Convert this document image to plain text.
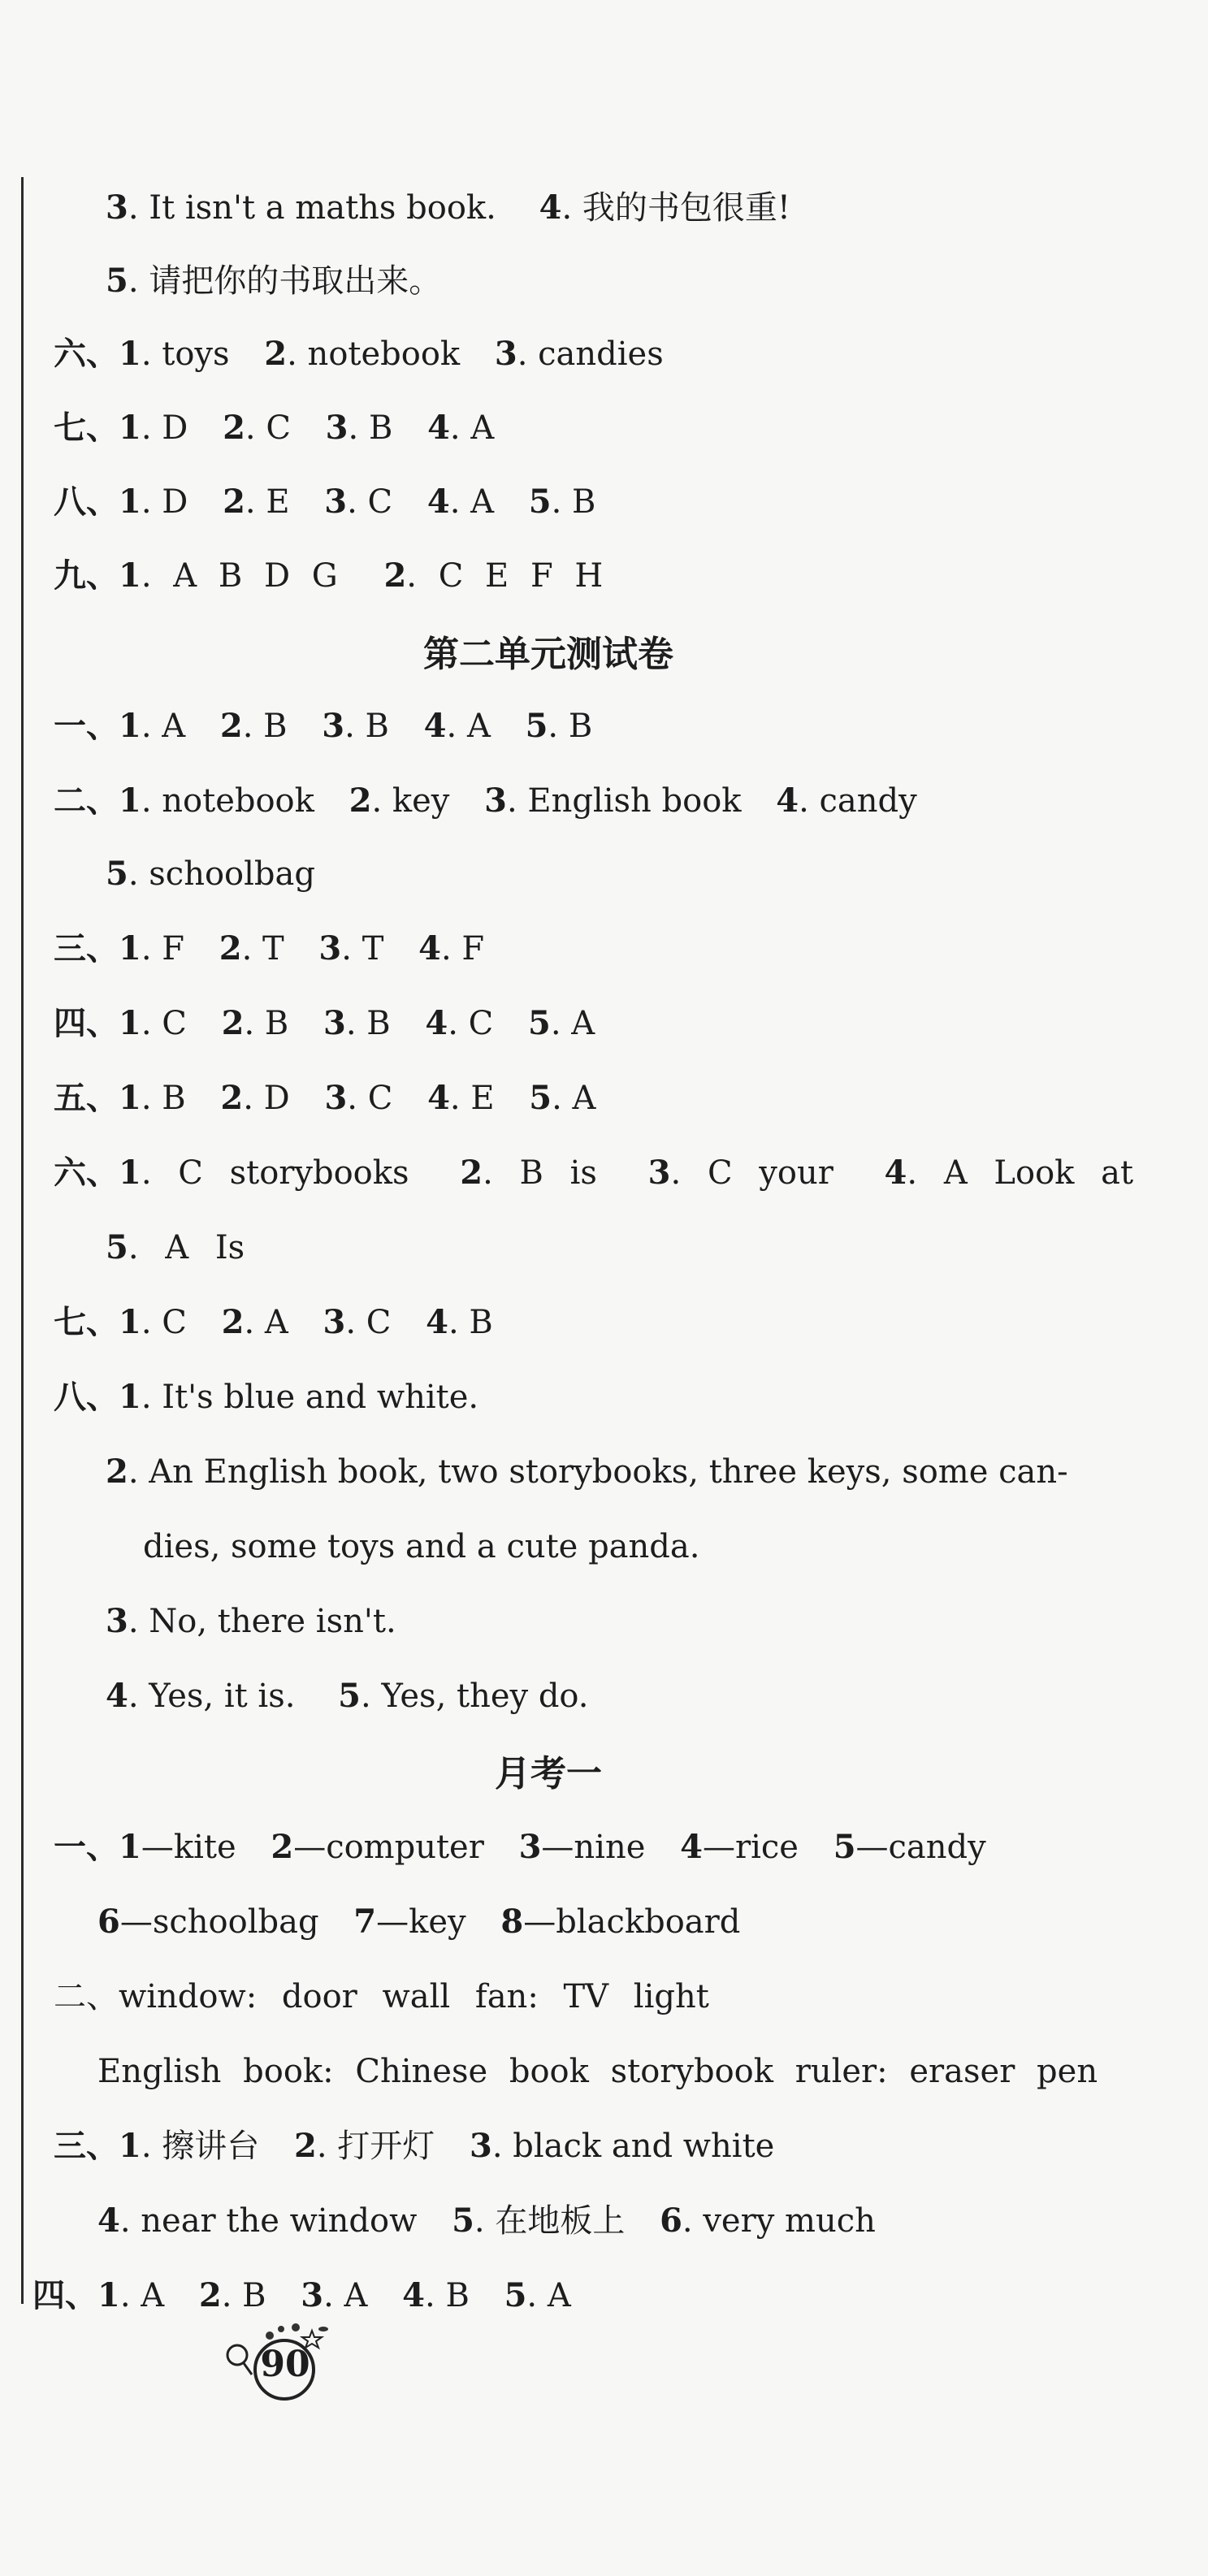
3. It isn't a maths book. 4. 我的书包很重!
5. 请把你的书取出来。
六、1. toys 2. notebook 3. candies
七、1. D 2. C 3. B 4. A
八、1. D 2. E 3. C 4. A 5. B
九、1. A B D G 2. C E F H
第二单元测试卷
一、1. A 2. B 3. B 4. A 5. B
二、1. notebook 2. key 3. English book 4. candy
5. schoolbag
三、1. F 2. T 3. T 4. F
四、1. C 2. B 3. B 4. C 5. A
五、1. B 2. D 3. C 4. E 5. A
六、1. C storybooks 2. B is 3. C your 4. A Look at
5. A Is
七、1. C 2. A 3. C 4. B
八、1. It's blue and white.
2. An English book, two storybooks, three keys, some can-
dies, some toys and a cute panda.
3. No, there isn't.
4. Yes, it is. 5. Yes, they do.
月考一
一、1—kite 2—computer 3—nine 4—rice 5—candy
6—schoolbag 7—key 8—blackboard
二、window: door wall fan: TV light
English book: Chinese book storybook ruler: eraser pen
三、1. 擦讲台 2. 打开灯 3. black and white
4. near the window 5. 在地板上 6. very much
四、1. A 2. B 3. A 4. B 5. A
90
